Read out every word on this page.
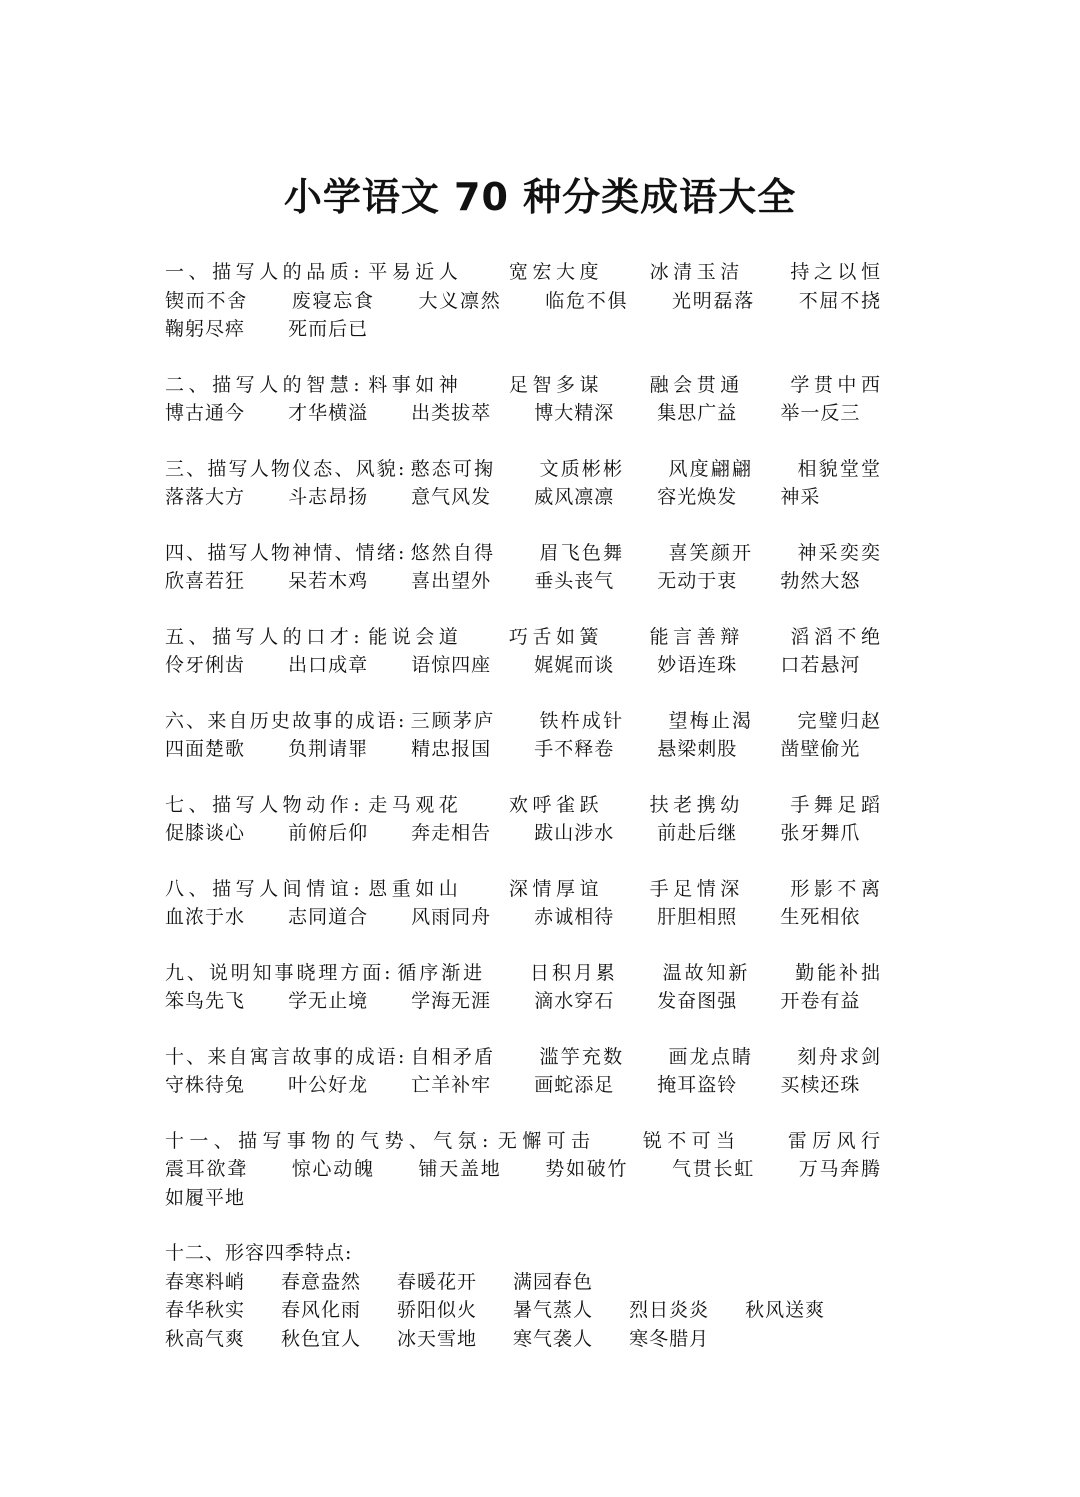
小学语文 70 种分类成语大全
一、描写人的品质: 平易近人 宽宏大度 冰清玉洁 持之以恒 锲而不舍 废寝忘食 大义凛然 临危不俱 光明磊落 不屈不挠 鞠躬尽瘁 死而后已
二、描写人的智慧: 料事如神 足智多谋 融会贯通 学贯中西 博古通今 才华横溢 出类拔萃 博大精深 集思广益 举一反三
三、描写人物仪态、风貌: 憨态可掬 文质彬彬 风度翩翩 相貌堂堂 落落大方 斗志昂扬 意气风发 威风凛凛 容光焕发 神采
四、描写人物神情、情绪: 悠然自得 眉飞色舞 喜笑颜开 神采奕奕 欣喜若狂 呆若木鸡 喜出望外 垂头丧气 无动于衷 勃然大怒
五、描写人的口才: 能说会道 巧舌如簧 能言善辩 滔滔不绝 伶牙俐齿 出口成章 语惊四座 娓娓而谈 妙语连珠 口若悬河
六、来自历史故事的成语: 三顾茅庐 铁杵成针 望梅止渴 完璧归赵 四面楚歌 负荆请罪 精忠报国 手不释卷 悬梁刺股 凿壁偷光
七、描写人物动作: 走马观花 欢呼雀跃 扶老携幼 手舞足蹈 促膝谈心 前俯后仰 奔走相告 跋山涉水 前赴后继 张牙舞爪
八、描写人间情谊: 恩重如山 深情厚谊 手足情深 形影不离 血浓于水 志同道合 风雨同舟 赤诚相待 肝胆相照 生死相依
九、说明知事晓理方面: 循序渐进 日积月累 温故知新 勤能补拙 笨鸟先飞 学无止境 学海无涯 滴水穿石 发奋图强 开卷有益
十、来自寓言故事的成语: 自相矛盾 滥竽充数 画龙点睛 刻舟求剑 守株待兔 叶公好龙 亡羊补牢 画蛇添足 掩耳盗铃 买椟还珠
十一、描写事物的气势、气氛: 无懈可击 锐不可当 雷厉风行 震耳欲聋 惊心动魄 铺天盖地 势如破竹 气贯长虹 万马奔腾 如履平地
十二、形容四季特点:
春寒料峭 春意盎然 春暖花开 满园春色
春华秋实 春风化雨 骄阳似火 暑气蒸人 烈日炎炎 秋风送爽
秋高气爽 秋色宜人 冰天雪地 寒气袭人 寒冬腊月
